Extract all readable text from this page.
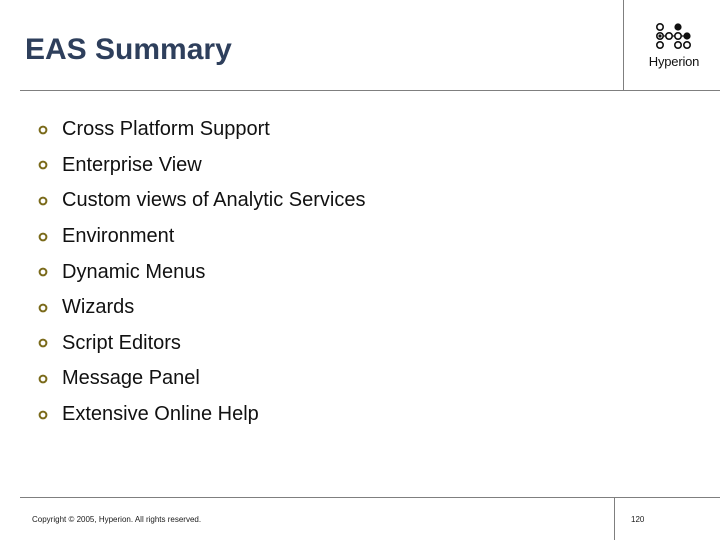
EAS Summary	Hyperion
Cross Platform Support
Enterprise View
Custom views of Analytic Services
Environment
Dynamic Menus
Wizards
Script Editors
Message Panel
Extensive Online Help
Copyright © 2005, Hyperion. All rights reserved.	120
